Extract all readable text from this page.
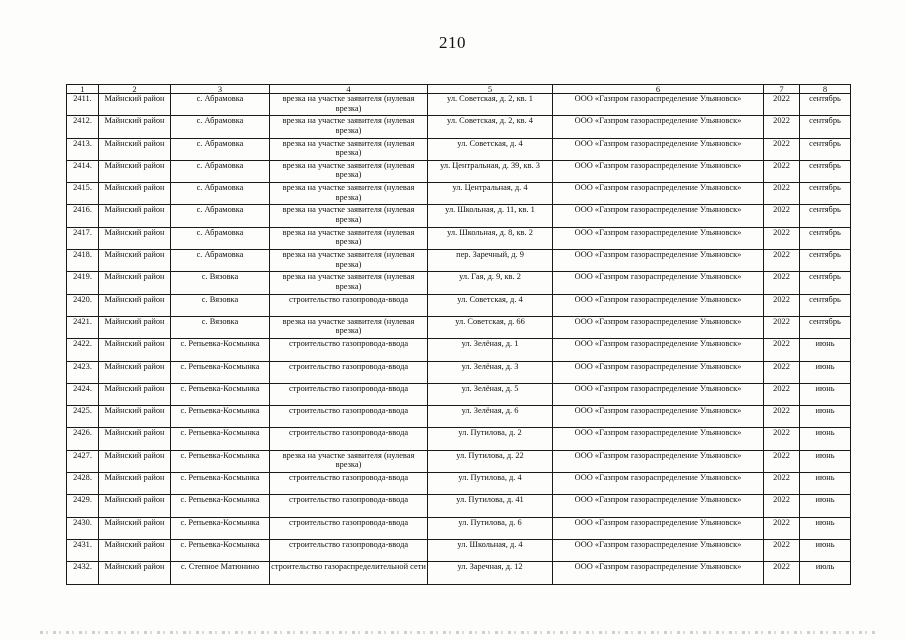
210
1	2	3	4	5	6	7	8
2411.	Майнский район	с. Абрамовка	врезка на участке заявителя (нулевая врезка)	ул. Советская, д. 2, кв. 1	ООО «Газпром газораспределение Ульяновск»	2022	сентябрь
2412.	Майнский район	с. Абрамовка	врезка на участке заявителя (нулевая врезка)	ул. Советская, д. 2, кв. 4	ООО «Газпром газораспределение Ульяновск»	2022	сентябрь
2413.	Майнский район	с. Абрамовка	врезка на участке заявителя (нулевая врезка)	ул. Советская, д. 4	ООО «Газпром газораспределение Ульяновск»	2022	сентябрь
2414.	Майнский район	с. Абрамовка	врезка на участке заявителя (нулевая врезка)	ул. Центральная, д. 39, кв. 3	ООО «Газпром газораспределение Ульяновск»	2022	сентябрь
2415.	Майнский район	с. Абрамовка	врезка на участке заявителя (нулевая врезка)	ул. Центральная, д. 4	ООО «Газпром газораспределение Ульяновск»	2022	сентябрь
2416.	Майнский район	с. Абрамовка	врезка на участке заявителя (нулевая врезка)	ул. Школьная, д. 11, кв. 1	ООО «Газпром газораспределение Ульяновск»	2022	сентябрь
2417.	Майнский район	с. Абрамовка	врезка на участке заявителя (нулевая врезка)	ул. Школьная, д. 8, кв. 2	ООО «Газпром газораспределение Ульяновск»	2022	сентябрь
2418.	Майнский район	с. Абрамовка	врезка на участке заявителя (нулевая врезка)	пер. Заречный, д. 9	ООО «Газпром газораспределение Ульяновск»	2022	сентябрь
2419.	Майнский район	с. Вязовка	врезка на участке заявителя (нулевая врезка)	ул. Гая, д. 9, кв. 2	ООО «Газпром газораспределение Ульяновск»	2022	сентябрь
2420.	Майнский район	с. Вязовка	строительство газопровода-ввода	ул. Советская, д. 4	ООО «Газпром газораспределение Ульяновск»	2022	сентябрь
2421.	Майнский район	с. Вязовка	врезка на участке заявителя (нулевая врезка)	ул. Советская, д. 66	ООО «Газпром газораспределение Ульяновск»	2022	сентябрь
2422.	Майнский район	с. Репьевка-Космынка	строительство газопровода-ввода	ул. Зелёная, д. 1	ООО «Газпром газораспределение Ульяновск»	2022	июнь
2423.	Майнский район	с. Репьевка-Космынка	строительство газопровода-ввода	ул. Зелёная, д. 3	ООО «Газпром газораспределение Ульяновск»	2022	июнь
2424.	Майнский район	с. Репьевка-Космынка	строительство газопровода-ввода	ул. Зелёная, д. 5	ООО «Газпром газораспределение Ульяновск»	2022	июнь
2425.	Майнский район	с. Репьевка-Космынка	строительство газопровода-ввода	ул. Зелёная, д. 6	ООО «Газпром газораспределение Ульяновск»	2022	июнь
2426.	Майнский район	с. Репьевка-Космынка	строительство газопровода-ввода	ул. Путилова, д. 2	ООО «Газпром газораспределение Ульяновск»	2022	июнь
2427.	Майнский район	с. Репьевка-Космынка	врезка на участке заявителя (нулевая врезка)	ул. Путилова, д. 22	ООО «Газпром газораспределение Ульяновск»	2022	июнь
2428.	Майнский район	с. Репьевка-Космынка	строительство газопровода-ввода	ул. Путилова, д. 4	ООО «Газпром газораспределение Ульяновск»	2022	июнь
2429.	Майнский район	с. Репьевка-Космынка	строительство газопровода-ввода	ул. Путилова, д. 41	ООО «Газпром газораспределение Ульяновск»	2022	июнь
2430.	Майнский район	с. Репьевка-Космынка	строительство газопровода-ввода	ул. Путилова, д. 6	ООО «Газпром газораспределение Ульяновск»	2022	июнь
2431.	Майнский район	с. Репьевка-Космынка	строительство газопровода-ввода	ул. Школьная, д. 4	ООО «Газпром газораспределение Ульяновск»	2022	июнь
2432.	Майнский район	с. Степное Матюнино	строительство газораспределительной сети	ул. Заречная, д. 12	ООО «Газпром газораспределение Ульяновск»	2022	июль
